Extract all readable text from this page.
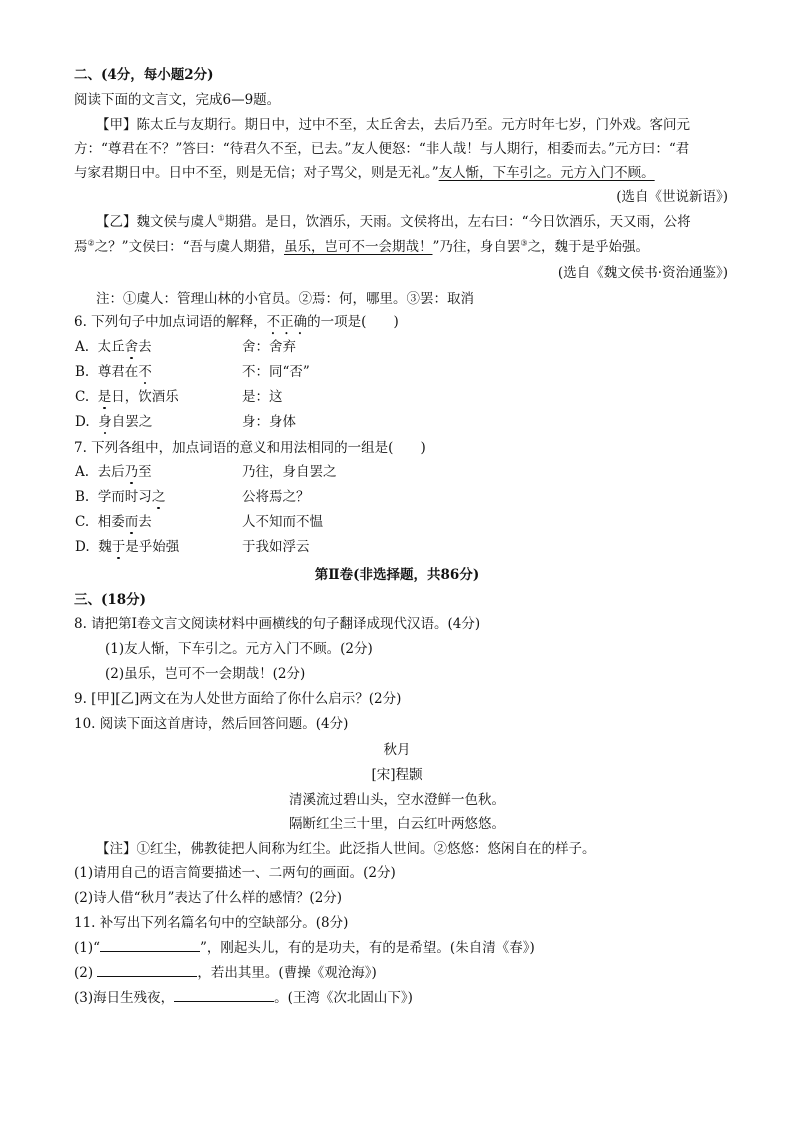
二、(4分，每小题2分)
阅读下面的文言文，完成6—9题。
【甲】陈太丘与友期行。期日中，过中不至，太丘舍去，去后乃至。元方时年七岁，门外戏。客问元
方：“尊君在不？”答曰：“待君久不至，已去。”友人便怒：“非人哉！与人期行，相委而去。”元方曰：“君
与家君期日中。日中不至，则是无信；对子骂父，则是无礼。”友人惭，下车引之。元方入门不顾。
(选自《世说新语》)
【乙】魏文侯与虞人①期猎。是日，饮酒乐，天雨。文侯将出，左右曰：“今日饮酒乐，天又雨，公将
焉②之？”文侯曰：“吾与虞人期猎，虽乐，岂可不一会期哉！”乃往，身自罢③之，魏于是乎始强。
(选自《魏文侯书·资治通鉴》)
注：①虞人：管理山林的小官员。②焉：何，哪里。③罢：取消
6. 下列句子中加点词语的解释，不正确的一项是(　　)
A. 太丘舍去	舍：舍弃
B. 尊君在不	不：同“否”
C. 是日，饮酒乐	是：这
D. 身自罢之	身：身体
7. 下列各组中，加点词语的意义和用法相同的一组是(　　)
A. 去后乃至	乃往，身自罢之
B. 学而时习之	公将焉之？
C. 相委而去	人不知而不愠
D. 魏于是乎始强	于我如浮云
第Ⅱ卷(非选择题，共86分)
三、(18分)
8. 请把第Ⅰ卷文言文阅读材料中画横线的句子翻译成现代汉语。(4分)
(1)友人惭，下车引之。元方入门不顾。(2分)
(2)虽乐，岂可不一会期哉！(2分)
9. [甲][乙]两文在为人处世方面给了你什么启示？(2分)
10. 阅读下面这首唐诗，然后回答问题。(4分)
秋月
[宋]程颢
清溪流过碧山头，空水澄鲜一色秋。
隔断红尘三十里，白云红叶两悠悠。
【注】①红尘，佛教徒把人间称为红尘。此泛指人世间。②悠悠：悠闲自在的样子。
(1)请用自己的语言简要描述一、二两句的画面。(2分)
(2)诗人借“秋月”表达了什么样的感情？(2分)
11. 补写出下列名篇名句中的空缺部分。(8分)
(1)“	”，刚起头儿，有的是功夫，有的是希望。(朱自清《春》)
(2)	，若出其里。(曹操《观沧海》)
(3)海日生残夜，	。(王湾《次北固山下》)
